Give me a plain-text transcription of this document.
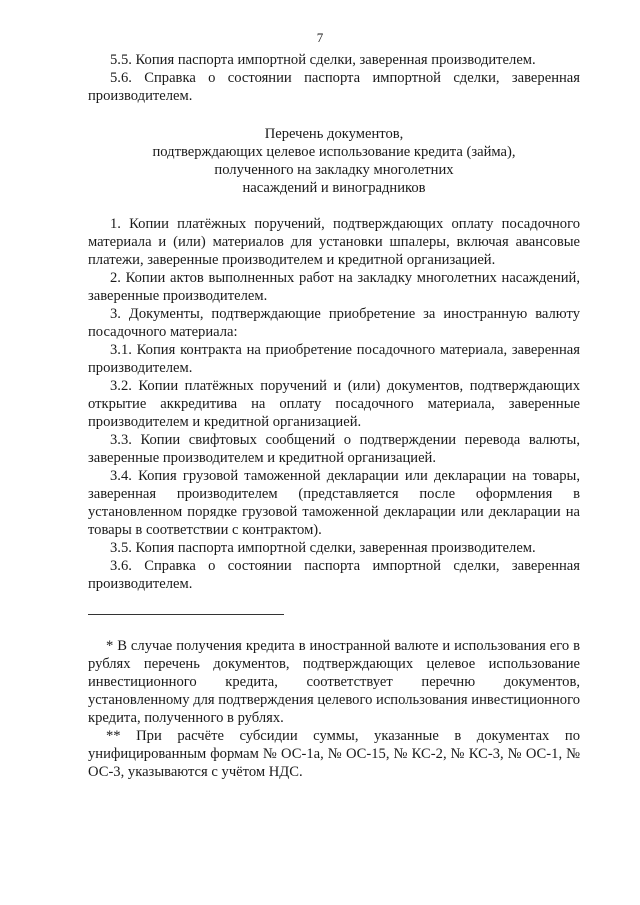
7

5.5. Копия паспорта импортной сделки, заверенная производителем.

5.6. Справка о состоянии паспорта импортной сделки, заверенная производителем.

Перечень документов,
подтверждающих целевое использование кредита (займа),
полученного на закладку многолетних
насаждений и виноградников

1. Копии платёжных поручений, подтверждающих оплату посадочного материала и (или) материалов для установки шпалеры, включая авансовые платежи, заверенные производителем и кредитной организацией.

2. Копии актов выполненных работ на закладку многолетних насаждений, заверенные производителем.

3. Документы, подтверждающие приобретение за иностранную валюту посадочного материала:

3.1. Копия контракта на приобретение посадочного материала, заверенная производителем.

3.2. Копии платёжных поручений и (или) документов, подтверждающих открытие аккредитива на оплату посадочного материала, заверенные производителем и кредитной организацией.

3.3. Копии свифтовых сообщений о подтверждении перевода валюты, заверенные производителем и кредитной организацией.

3.4. Копия грузовой таможенной декларации или декларации на товары, заверенная производителем (представляется после оформления в установленном порядке грузовой таможенной декларации или декларации на товары в соответствии с контрактом).

3.5. Копия паспорта импортной сделки, заверенная производителем.

3.6. Справка о состоянии паспорта импортной сделки, заверенная производителем.

* В случае получения кредита в иностранной валюте и использования его в рублях перечень документов, подтверждающих целевое использование инвестиционного кредита, соответствует перечню документов, установленному для подтверждения целевого использования инвестиционного кредита, полученного в рублях.

** При расчёте субсидии суммы, указанные в документах по унифицированным формам № ОС-1а, № ОС-15, № КС-2, № КС-3, № ОС-1, № ОС-3, указываются с учётом НДС.
